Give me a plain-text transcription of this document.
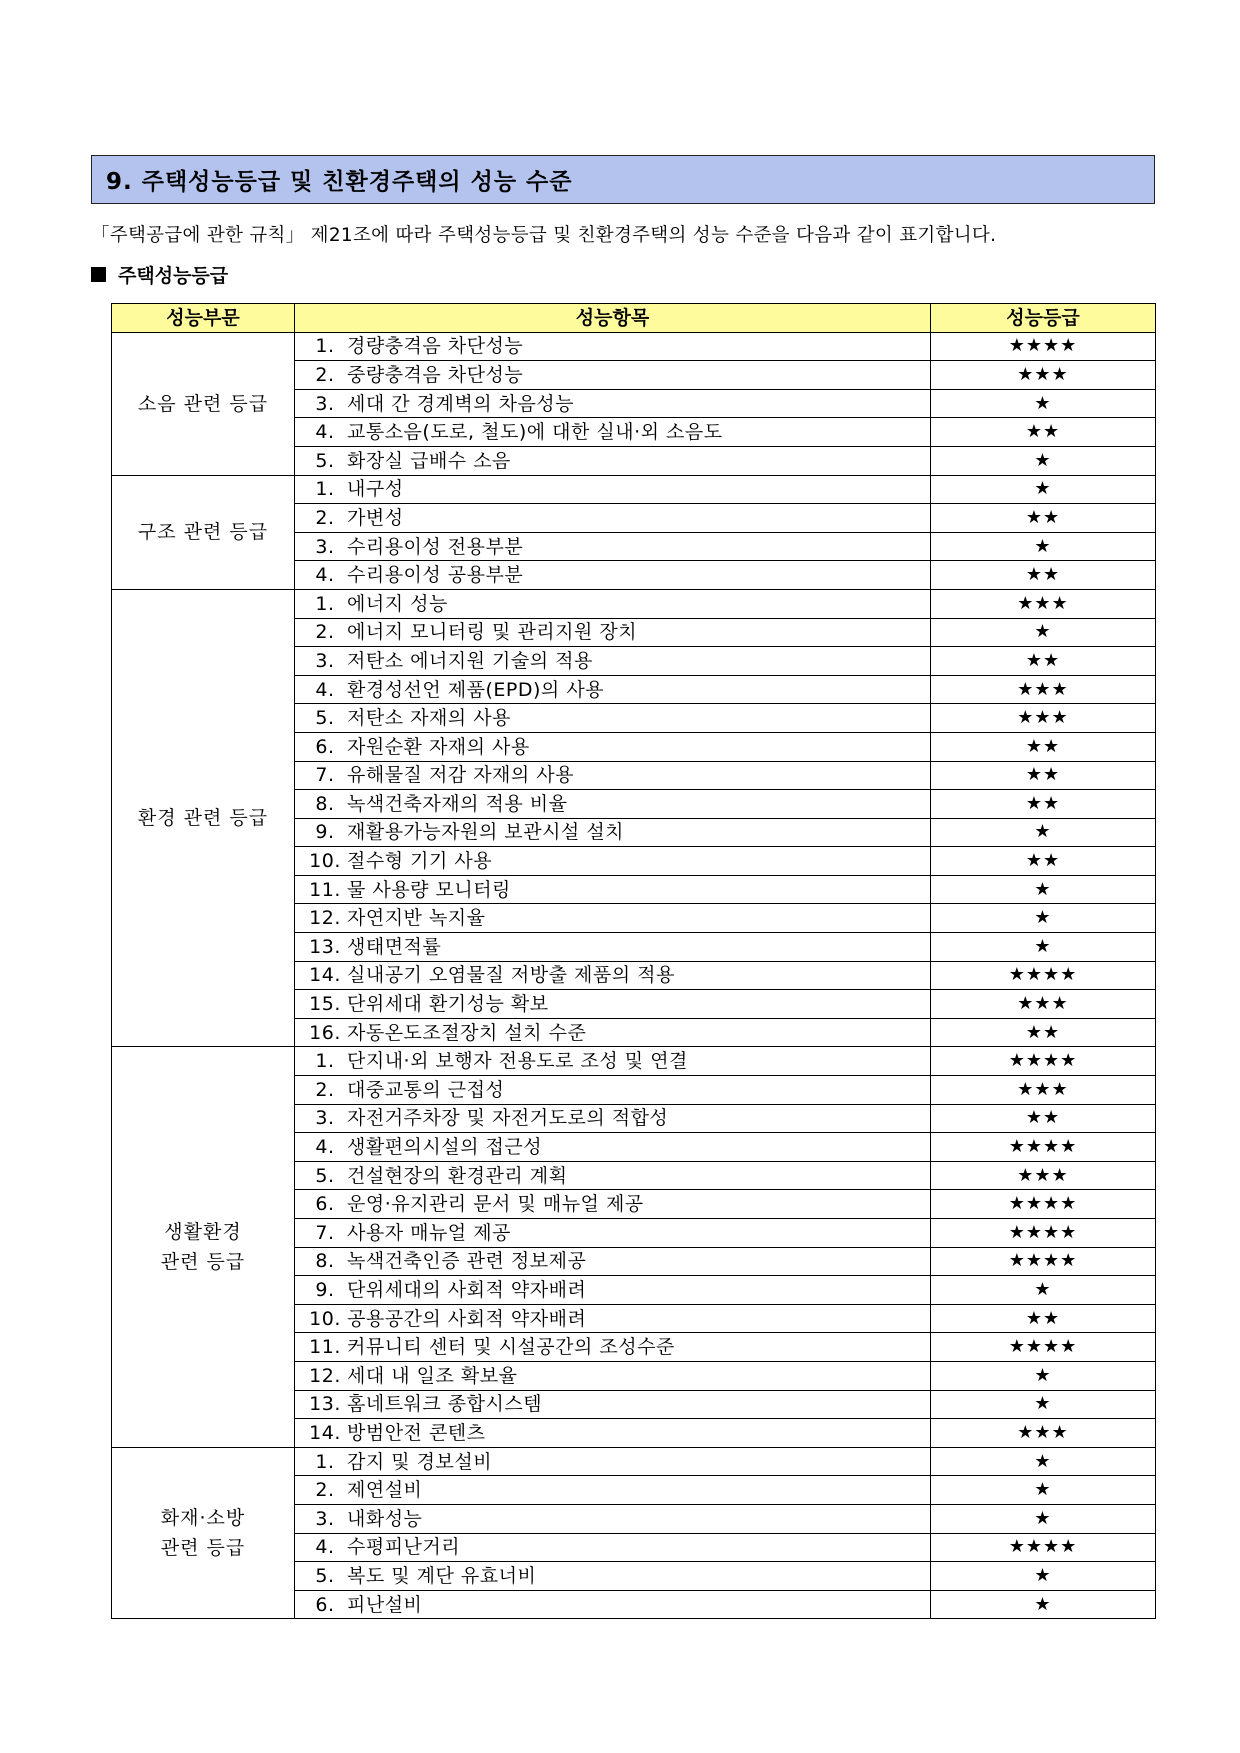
9. 주택성능등급 및 친환경주택의 성능 수준
「주택공급에 관한 규칙」 제21조에 따라 주택성능등급 및 친환경주택의 성능 수준을 다음과 같이 표기합니다.
주택성능등급
성능부문	성능항목	성능등급
소음 관련 등급	1. 경량충격음 차단성능	★★★★
	2. 중량충격음 차단성능	★★★
	3. 세대 간 경계벽의 차음성능	★
	4. 교통소음(도로, 철도)에 대한 실내·외 소음도	★★
	5. 화장실 급배수 소음	★
구조 관련 등급	1. 내구성	★
	2. 가변성	★★
	3. 수리용이성 전용부분	★
	4. 수리용이성 공용부분	★★
환경 관련 등급	1. 에너지 성능	★★★
	2. 에너지 모니터링 및 관리지원 장치	★
	3. 저탄소 에너지원 기술의 적용	★★
	4. 환경성선언 제품(EPD)의 사용	★★★
	5. 저탄소 자재의 사용	★★★
	6. 자원순환 자재의 사용	★★
	7. 유해물질 저감 자재의 사용	★★
	8. 녹색건축자재의 적용 비율	★★
	9. 재활용가능자원의 보관시설 설치	★
	10. 절수형 기기 사용	★★
	11. 물 사용량 모니터링	★
	12. 자연지반 녹지율	★
	13. 생태면적률	★
	14. 실내공기 오염물질 저방출 제품의 적용	★★★★
	15. 단위세대 환기성능 확보	★★★
	16. 자동온도조절장치 설치 수준	★★

생활환경
관련 등급	1. 단지내·외 보행자 전용도로 조성 및 연결	★★★★
	2. 대중교통의 근접성	★★★
	3. 자전거주차장 및 자전거도로의 적합성	★★
	4. 생활편의시설의 접근성	★★★★
	5. 건설현장의 환경관리 계획	★★★
	6. 운영·유지관리 문서 및 매뉴얼 제공	★★★★
	7. 사용자 매뉴얼 제공	★★★★
	8. 녹색건축인증 관련 정보제공	★★★★
	9. 단위세대의 사회적 약자배려	★
	10. 공용공간의 사회적 약자배려	★★
	11. 커뮤니티 센터 및 시설공간의 조성수준	★★★★
	12. 세대 내 일조 확보율	★
	13. 홈네트워크 종합시스템	★
	14. 방범안전 콘텐츠	★★★

화재·소방
관련 등급	1. 감지 및 경보설비	★
	2. 제연설비	★
	3. 내화성능	★
	4. 수평피난거리	★★★★
	5. 복도 및 계단 유효너비	★
	6. 피난설비	★
